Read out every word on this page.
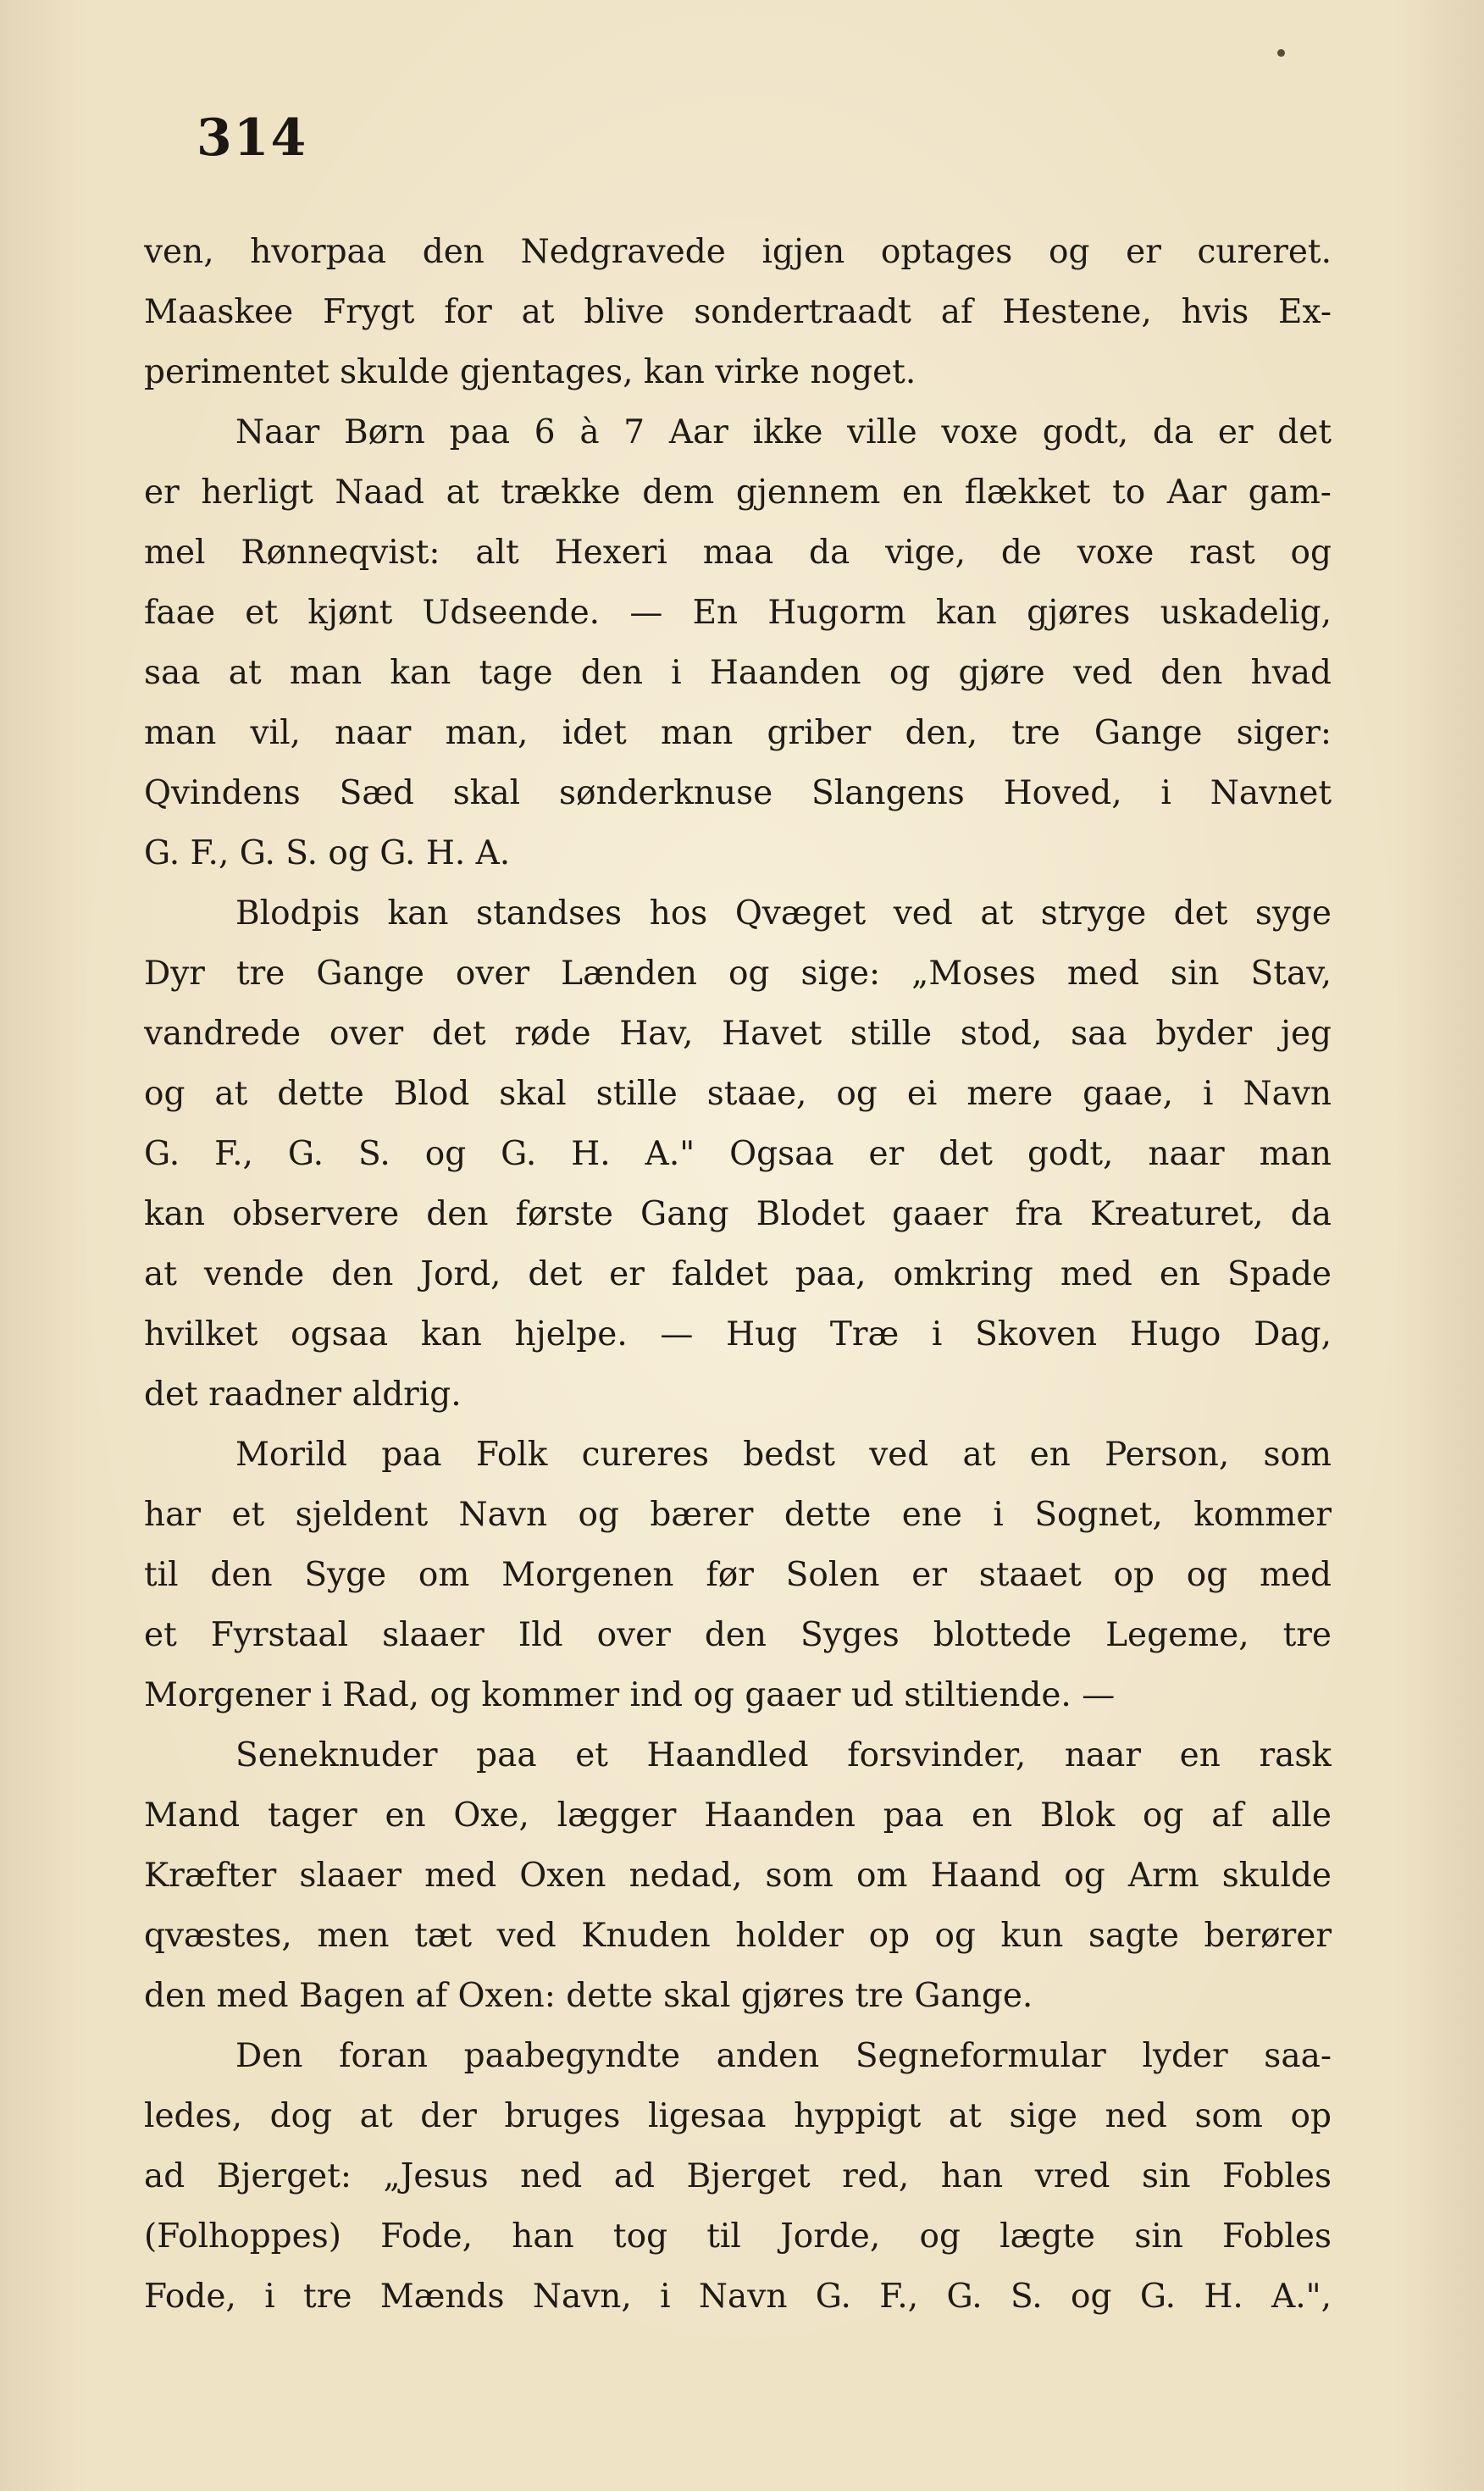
314
ven, hvorpaa den Nedgravede igjen optages og er cureret.
Maaskee Frygt for at blive sondertraadt af Hestene, hvis Ex-
perimentet skulde gjentages, kan virke noget.
Naar Børn paa 6 à 7 Aar ikke ville voxe godt, da er det
er herligt Naad at trække dem gjennem en flækket to Aar gam-
mel Rønneqvist: alt Hexeri maa da vige, de voxe rast og
faae et kjønt Udseende. — En Hugorm kan gjøres uskadelig,
saa at man kan tage den i Haanden og gjøre ved den hvad
man vil, naar man, idet man griber den, tre Gange siger:
Qvindens Sæd skal sønderknuse Slangens Hoved, i Navnet
G. F., G. S. og G. H. A.
Blodpis kan standses hos Qvæget ved at stryge det syge
Dyr tre Gange over Lænden og sige: „Moses med sin Stav,
vandrede over det røde Hav, Havet stille stod, saa byder jeg
og at dette Blod skal stille staae, og ei mere gaae, i Navn
G. F., G. S. og G. H. A." Ogsaa er det godt, naar man
kan observere den første Gang Blodet gaaer fra Kreaturet, da
at vende den Jord, det er faldet paa, omkring med en Spade
hvilket ogsaa kan hjelpe. — Hug Træ i Skoven Hugo Dag,
det raadner aldrig.
Morild paa Folk cureres bedst ved at en Person, som
har et sjeldent Navn og bærer dette ene i Sognet, kommer
til den Syge om Morgenen før Solen er staaet op og med
et Fyrstaal slaaer Ild over den Syges blottede Legeme, tre
Morgener i Rad, og kommer ind og gaaer ud stiltiende. —
Seneknuder paa et Haandled forsvinder, naar en rask
Mand tager en Oxe, lægger Haanden paa en Blok og af alle
Kræfter slaaer med Oxen nedad, som om Haand og Arm skulde
qvæstes, men tæt ved Knuden holder op og kun sagte berører
den med Bagen af Oxen: dette skal gjøres tre Gange.
Den foran paabegyndte anden Segneformular lyder saa-
ledes, dog at der bruges ligesaa hyppigt at sige ned som op
ad Bjerget: „Jesus ned ad Bjerget red, han vred sin Fobles
(Folhoppes) Fode, han tog til Jorde, og lægte sin Fobles
Fode, i tre Mænds Navn, i Navn G. F., G. S. og G. H. A.",
